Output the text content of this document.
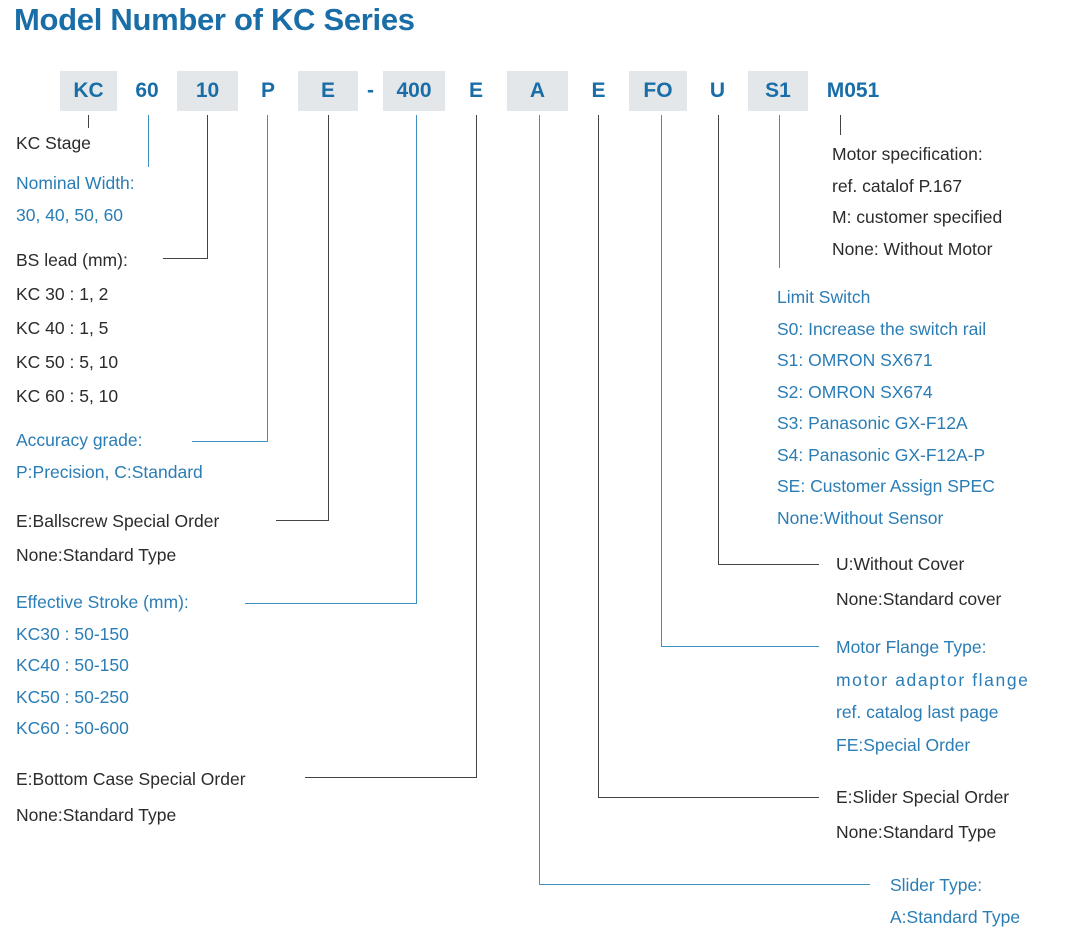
Model Number of KC Series
KC	60	10	P	E	-	400	E	A	E	FO	U	S1	M051
KC Stage
Nominal Width:
30, 40, 50, 60
BS lead (mm):
KC 30 : 1, 2
KC 40 : 1, 5
KC 50 : 5, 10
KC 60 : 5, 10
Accuracy grade:
P:Precision, C:Standard
E:Ballscrew Special Order
None:Standard Type
Effective Stroke (mm):
KC30 : 50-150
KC40 : 50-150
KC50 : 50-250
KC60 : 50-600
E:Bottom Case Special Order
None:Standard Type
Motor specification:
ref. catalof P.167
M: customer specified
None: Without Motor
Limit Switch
S0: Increase the switch rail
S1: OMRON SX671
S2: OMRON SX674
S3: Panasonic GX-F12A
S4: Panasonic GX-F12A-P
SE: Customer Assign SPEC
None:Without Sensor
U:Without Cover
None:Standard cover
Motor Flange Type:
motor adaptor flange
ref. catalog last page
FE:Special Order
E:Slider Special Order
None:Standard Type
Slider Type:
A:Standard Type
